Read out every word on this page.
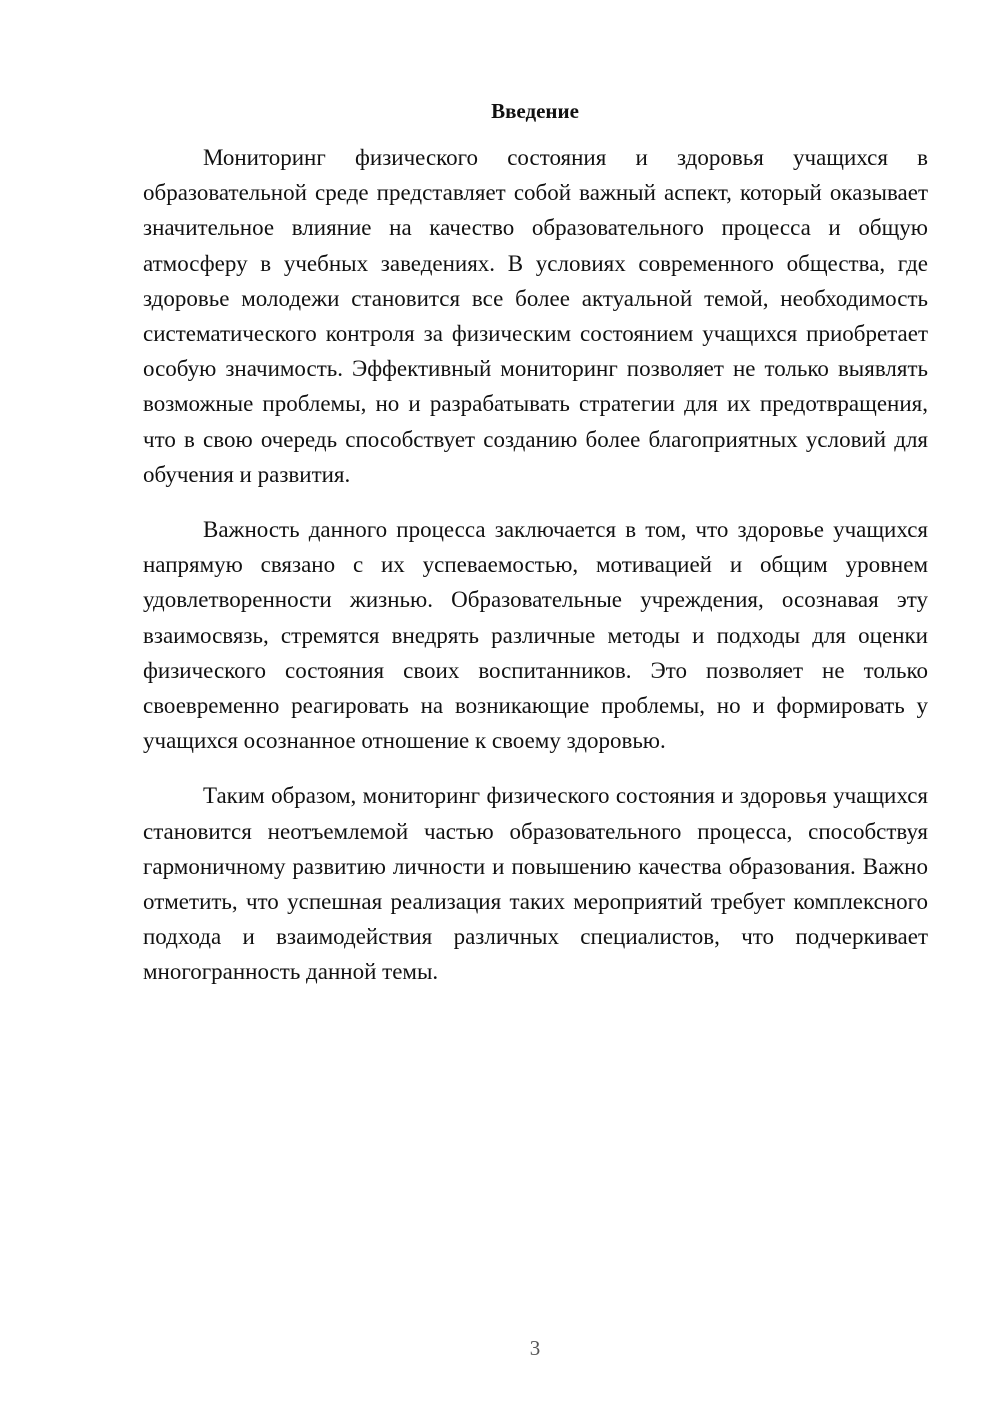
Введение

Мониторинг физического состояния и здоровья учащихся в образовательной среде представляет собой важный аспект, который оказывает значительное влияние на качество образовательного процесса и общую атмосферу в учебных заведениях. В условиях современного общества, где здоровье молодежи становится все более актуальной темой, необходимость систематического контроля за физическим состоянием учащихся приобретает особую значимость. Эффективный мониторинг позволяет не только выявлять возможные проблемы, но и разрабатывать стратегии для их предотвращения, что в свою очередь способствует созданию более благоприятных условий для обучения и развития.

Важность данного процесса заключается в том, что здоровье учащихся напрямую связано с их успеваемостью, мотивацией и общим уровнем удовлетворенности жизнью. Образовательные учреждения, осознавая эту взаимосвязь, стремятся внедрять различные методы и подходы для оценки физического состояния своих воспитанников. Это позволяет не только своевременно реагировать на возникающие проблемы, но и формировать у учащихся осознанное отношение к своему здоровью.

Таким образом, мониторинг физического состояния и здоровья учащихся становится неотъемлемой частью образовательного процесса, способствуя гармоничному развитию личности и повышению качества образования. Важно отметить, что успешная реализация таких мероприятий требует комплексного подхода и взаимодействия различных специалистов, что подчеркивает многогранность данной темы.

3
